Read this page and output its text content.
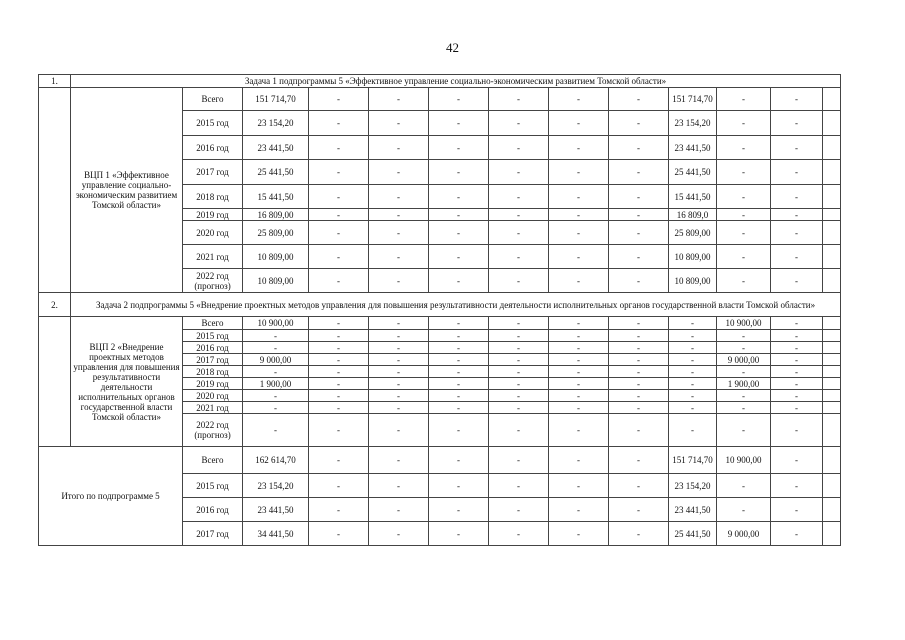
42
1.	Задача 1 подпрограммы 5 «Эффективное управление социально-экономическим развитием Томской области»												
	ВЦП 1 «Эффективное управление социально-экономическим развитием Томской области»	Всего	151 714,70	-	-	-	-	-	-	151 714,70	-	-	
		2015 год	23 154,20	-	-	-	-	-	-	23 154,20	-	-	
		2016 год	23 441,50	-	-	-	-	-	-	23 441,50	-	-	
		2017 год	25 441,50	-	-	-	-	-	-	25 441,50	-	-	
		2018 год	15 441,50	-	-	-	-	-	-	15 441,50	-	-	
		2019 год	16 809,00	-	-	-	-	-	-	16 809,0	-	-	
		2020 год	25 809,00	-	-	-	-	-	-	25 809,00	-	-	
		2021 год	10 809,00	-	-	-	-	-	-	10 809,00	-	-	
		2022 год (прогноз)	10 809,00	-	-	-	-	-	-	10 809,00	-	-	
2.	Задача 2 подпрограммы 5 «Внедрение проектных методов управления для повышения результативности деятельности исполнительных органов государственной власти Томской области»												
	ВЦП 2 «Внедрение проектных методов управления для повышения результативности деятельности исполнительных органов государственной власти Томской области»	Всего	10 900,00	-	-	-	-	-	-	-	10 900,00	-	
		2015 год	-	-	-	-	-	-	-	-	-	-	
		2016 год	-	-	-	-	-	-	-	-	-	-	
		2017 год	9 000,00	-	-	-	-	-	-	-	9 000,00	-	
		2018 год	-	-	-	-	-	-	-	-	-	-	
		2019 год	1 900,00	-	-	-	-	-	-	-	1 900,00	-	
		2020 год	-	-	-	-	-	-	-	-	-	-	
		2021 год	-	-	-	-	-	-	-	-	-	-	
		2022 год (прогноз)	-	-	-	-	-	-	-	-	-	-	
Итого по подпрограмме 5		Всего	162 614,70	-	-	-	-	-	-	151 714,70	10 900,00	-	
		2015 год	23 154,20	-	-	-	-	-	-	23 154,20	-	-	
		2016 год	23 441,50	-	-	-	-	-	-	23 441,50	-	-	
		2017 год	34 441,50	-	-	-	-	-	-	25 441,50	9 000,00	-	
